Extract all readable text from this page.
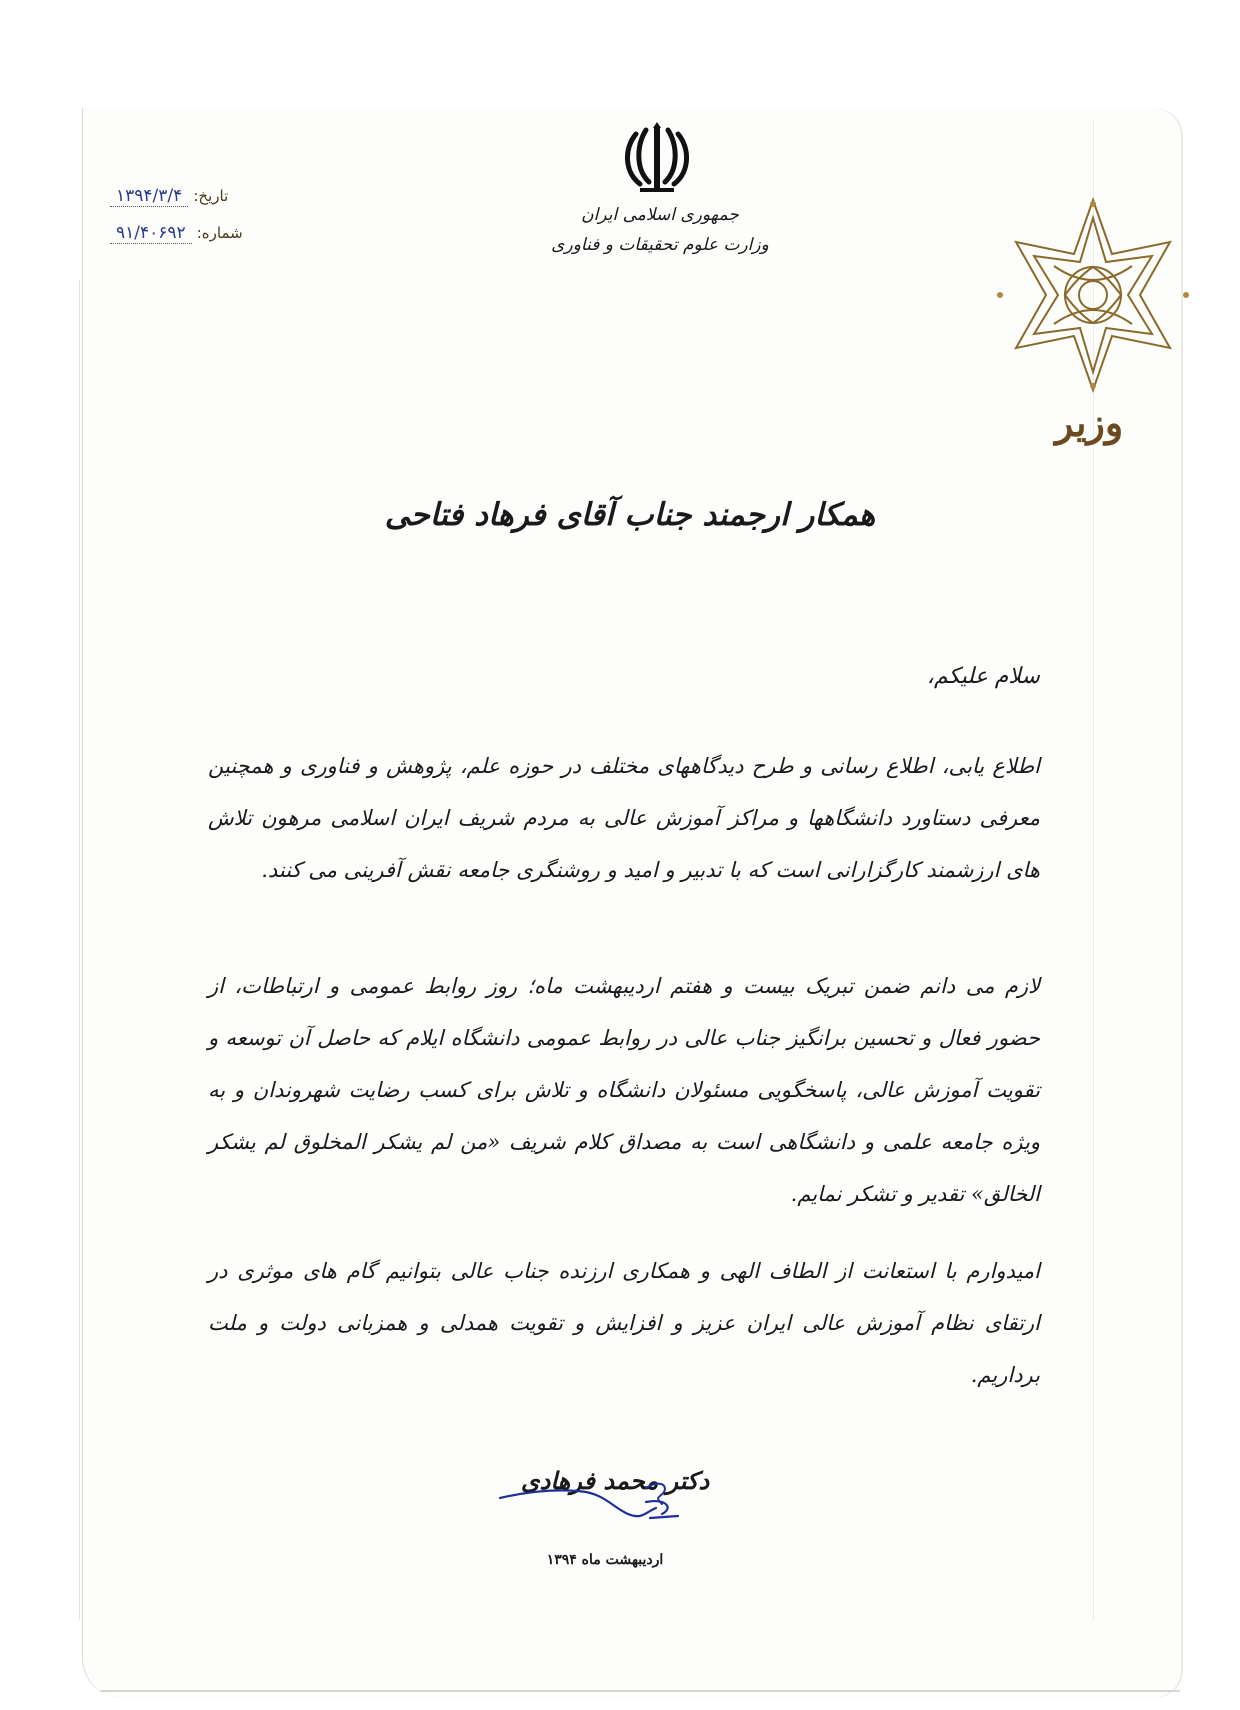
تاریخ: ۱۳۹۴/۳/۴
شماره: ۹۱/۴۰۶۹۲
جمهوری اسلامی ایران
وزارت علوم تحقیقات و فناوری
وزیر
همکار ارجمند جناب آقای فرهاد فتاحی
سلام علیکم،
اطلاع یابی، اطلاع رسانی و طرح دیدگاههای مختلف در حوزه علم، پژوهش و فناوری و همچنین معرفی دستاورد دانشگاهها و مراکز آموزش عالی به مردم شریف ایران اسلامی مرهون تلاش های ارزشمند کارگزارانی است که با تدبیر و امید و روشنگری جامعه نقش آفرینی می کنند.
لازم می دانم ضمن تبریک بیست و هفتم اردیبهشت ماه؛ روز روابط عمومی و ارتباطات، از حضور فعال و تحسین برانگیز جناب عالی در روابط عمومی دانشگاه ایلام که حاصل آن توسعه و تقویت آموزش عالی، پاسخگویی مسئولان دانشگاه و تلاش برای کسب رضایت شهروندان و به ویژه جامعه علمی و دانشگاهی است به مصداق کلام شریف «من لم یشکر المخلوق لم یشکر الخالق» تقدیر و تشکر نمایم.
امیدوارم با استعانت از الطاف الهی و همکاری ارزنده جناب عالی بتوانیم گام های موثری در ارتقای نظام آموزش عالی ایران عزیز و افزایش و تقویت همدلی و همزبانی دولت و ملت برداریم.
دکتر محمد فرهادی
اردیبهشت ماه ۱۳۹۴
